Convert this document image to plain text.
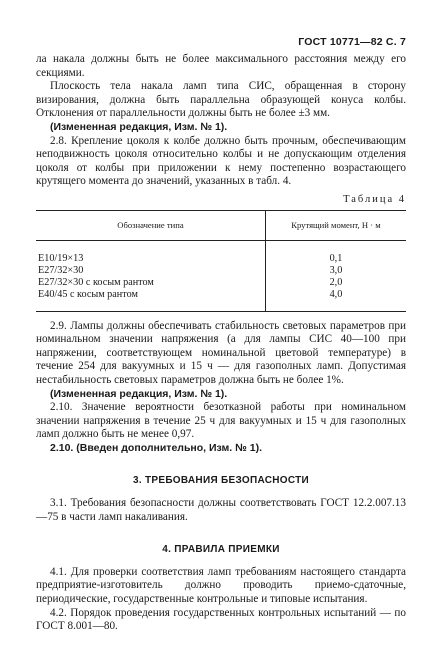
ГОСТ 10771—82 С. 7

ла накала должны быть не более максимального расстояния между его секциями.

Плоскость тела накала ламп типа СИС, обращенная в сторону визирования, должна быть параллельна образующей конуса колбы. Отклонения от параллельности должны быть не более ±3 мм.

(Измененная редакция, Изм. № 1).

2.8. Крепление цоколя к колбе должно быть прочным, обеспечивающим неподвижность цоколя относительно колбы и не допускающим отделения цоколя от колбы при приложении к нему постепенно возрастающего крутящего момента до значений, указанных в табл. 4.

Таблица 4
Обозначение типа	Крутящий момент, Н · м
E10/19×13	0,1
E27/32×30	3,0
E27/32×30 с косым рантом	2,0
E40/45 с косым рантом	4,0

2.9. Лампы должны обеспечивать стабильность световых параметров при номинальном значении напряжения (а для лампы СИС 40—100 при напряжении, соответствующем номинальной цветовой температуре) в течение 254 для вакуумных и 15 ч — для газополных ламп. Допустимая нестабильность световых параметров должна быть не более 1%.

(Измененная редакция, Изм. № 1).

2.10. Значение вероятности безотказной работы при номинальном значении напряжения в течение 25 ч для вакуумных и 15 ч для газополных ламп должно быть не менее 0,97.

2.10. (Введен дополнительно, Изм. № 1).

3. ТРЕБОВАНИЯ БЕЗОПАСНОСТИ

3.1. Требования безопасности должны соответствовать ГОСТ 12.2.007.13—75 в части ламп накаливания.

4. ПРАВИЛА ПРИЕМКИ

4.1. Для проверки соответствия ламп требованиям настоящего стандарта предприятие-изготовитель должно проводить приемо-сдаточные, периодические, государственные контрольные и типовые испытания.

4.2. Порядок проведения государственных контрольных испытаний — по ГОСТ 8.001—80.
